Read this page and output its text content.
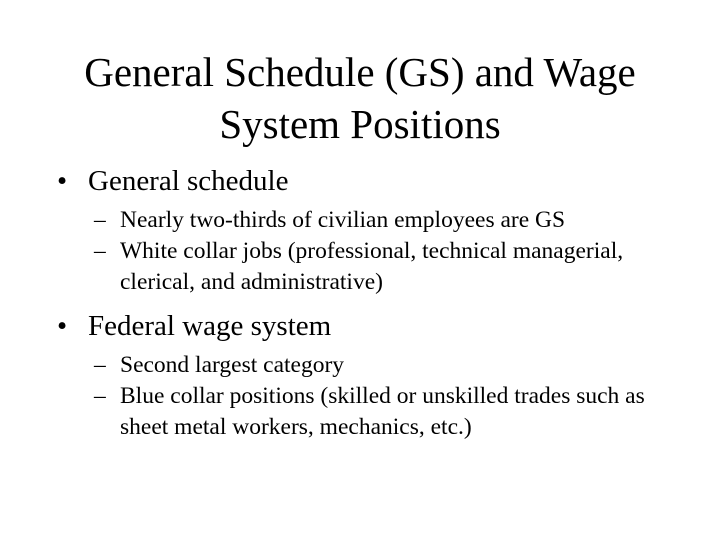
General Schedule (GS) and Wage
System Positions
• General schedule
– Nearly two-thirds of civilian employees are GS
– White collar jobs (professional, technical managerial, clerical, and administrative)
• Federal wage system
– Second largest category
– Blue collar positions (skilled or unskilled trades such as sheet metal workers, mechanics, etc.)
